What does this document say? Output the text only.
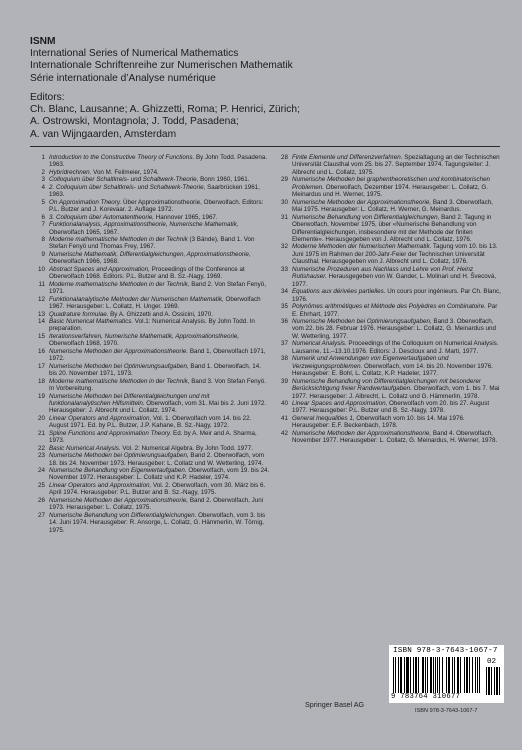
ISNM
International Series of Numerical Mathematics
Internationale Schriftenreihe zur Numerischen Mathematik
Série internationale d’Analyse numérique
Editors:
Ch. Blanc, Lausanne; A. Ghizzetti, Roma; P. Henrici, Zürich;
A. Ostrowski, Montagnola; J. Todd, Pasadena;
A. van Wijngaarden, Amsterdam
1 Introduction to the Constructive Theory of Functions. By John Todd. Pasadena. 1963.
2 Hybridrechnen. Von M. Feilmeier, 1974.
3 Colloquium über Schaltkreis- und Schaltwerk-Theorie, Bonn 1960, 1961.
4 2. Colloquium über Schaltkreis- und Schaltwerk-Theorie, Saarbrücken 1961, 1963.
5 On Approximation Theory. Über Approximationstheorie, Oberwolfach. Editors: P.L. Butzer and J. Korevaar. 2. Auflage 1972.
6 3. Colloquium über Automatentheorie, Hannover 1965, 1967.
7 Funktionalanalysis, Approximationstheorie, Numerische Mathematik, Oberwolfach 1965, 1967.
8 Moderne mathematische Methoden in der Technik (3 Bände), Band 1. Von Stefan Fenyö und Thomas Frey, 1967.
9 Numerische Mathematik, Differentialgleichungen, Approximationstheorie, Oberwolfach 1966, 1968.
10 Abstract Spaces and Approximation, Proceedings of the Conference at Oberwolfach 1968. Editors: P.L. Butzer and B. Sz.-Nagy, 1969.
11 Moderne mathematische Methoden in der Technik, Band 2. Von Stefan Fenyö, 1971.
12 Funktionalanalytische Methoden der Numerischen Mathematik, Oberwolfach 1967. Herausgeber: L. Collatz, H. Unger. 1969.
13 Quadrature formulae. By A. Ghizzetti and A. Ossicini, 1970.
14 Basic Numerical Mathematics. Vol.1: Numerical Analysis. By John Todd. In preparation.
15 Iterationsverfahren, Numerische Mathematik, Approximationstheorie, Oberwolfach 1968, 1970.
16 Numerische Methoden der Approximationstheorie. Band 1, Oberwolfach 1971, 1972.
17 Numerische Methoden bei Optimierungsaufgaben, Band 1. Oberwolfach, 14. bis 20. November 1971, 1973.
18 Moderne mathematische Methoden in der Technik, Band 3. Von Stefan Fenyö. In Vorbereitung.
19 Numerische Methoden bei Differentialgleichungen und mit funktionalanalytischen Hilfsmitteln. Oberwolfach, vom 31. Mai bis 2. Juni 1972. Herausgeber: J. Albrecht und L. Collatz, 1974.
20 Linear Operators and Approximation, Vol. 1. Oberwolfach vom 14. bis 22. August 1971. Ed. by P.L. Butzer, J.P. Kahane, B. Sz.-Nagy, 1972.
21 Spline Functions and Approximation Theory. Ed. by A. Meir and A. Sharma, 1973.
22 Basic Numerical Analysis. Vol. 2: Numerical Algebra. By John Todd. 1977.
23 Numerische Methoden bei Optimierungsaufgaben, Band 2. Oberwolfach, vom 18. bis 24. November 1973. Herausgeber: L. Collatz und W. Wetterling, 1974.
24 Numerische Behandlung von Eigenwertaufgaben. Oberwolfach, vom 19. bis 24. November 1972. Herausgeber: L. Collatz und K.P. Hadeler, 1974.
25 Linear Operators and Approximation, Vol. 2. Oberwolfach, vom 30. März bis 6. April 1974. Herausgeber: P.L. Butzer and B. Sz.-Nagy, 1975.
26 Numerische Methoden der Approximationstheorie, Band 2. Oberwolfach, Juni 1973. Herausgeber: L. Collatz, 1975.
27 Numerische Behandlung von Differentialgleichungen. Oberwolfach, vom 3. bis 14. Juni 1974. Herausgeber: R. Ansorge, L. Collatz, G. Hämmerlin, W. Törnig, 1975.
28 Finite Elemente und Differenzverfahren. Spezialtagung an der Technischen Universität Clausthal vom 25. bis 27. September 1974. Tagungsleiter: J. Albrecht und L. Collatz, 1975.
29 Numerische Methoden bei graphentheoretischen und kombinatorischen Problemen. Oberwolfach, Dezember 1974. Herausgeber: L. Collatz, G. Meinardus und H. Werner, 1975.
30 Numerische Methoden der Approximationstheorie, Band 3. Oberwolfach, Mai 1975. Herausgeber: L. Collatz, H. Werner, G. Meinardus.
31 Numerische Behandlung von Differentialgleichungen, Band 2. Tagung in Oberwolfach, November 1975, über «Numerische Behandlung von Differentialgleichungen, insbesondere mit der Methode der finiten Elemente». Herausgegeben von J. Albrecht und L. Collatz, 1976.
32 Moderne Methoden der Numerischen Mathematik. Tagung vom 10. bis 13. Juni 1975 im Rahmen der 200-Jahr-Feier der Technischen Universität Clausthal. Herausgegeben von J. Albrecht und L. Collatz, 1976.
33 Numerische Prozeduren aus Nachlass und Lehre von Prof. Heinz Rutishauser. Herausgegeben von W. Gander, L. Molinari und H. Švecová, 1977.
34 Equations aux dérivées partielles. Un cours pour ingénieurs. Par Ch. Blanc, 1976.
35 Polynômes arithmétiques et Méthode des Polyèdres en Combinatoire. Par E. Ehrhart, 1977.
36 Numerische Methoden bei Optimierungsaufgaben, Band 3. Oberwolfach, vom 22. bis 28. Februar 1976. Herausgeber: L. Collatz, G. Meinardus und W. Wetterling, 1977.
37 Numerical Analysis. Proceedings of the Colloquium on Numerical Analysis. Lausanne, 11.–13.10.1976. Editors: J. Descloux and J. Marti, 1977.
38 Numerik und Anwendungen von Eigenwertaufgaben und Verzweigungsproblemen. Oberwolfach, vom 14. bis 20. November 1976. Herausgeber: E. Bohl, L. Collatz, K.P. Hadeler, 1977.
39 Numerische Behandlung von Differentialgleichungen mit besonderer Berücksichtigung freier Randwertaufgaben. Oberwolfach, vom 1. bis 7. Mai 1977. Herausgeber: J. Albrecht, L. Collatz und G. Hämmerlin, 1978.
40 Linear Spaces and Approximation, Oberwolfach vom 20. bis 27. August 1977. Herausgeber: P.L. Butzer und B. Sz.-Nagy, 1978.
41 General Inequalities 1, Oberwolfach vom 10. bis 14. Mai 1976. Herausgeber: E.F. Beckenbach, 1978.
42 Numerische Methoden der Approximationstheorie, Band 4. Oberwolfach, November 1977. Herausgeber: L. Collatz, G. Meinardus, H. Werner, 1978.
ISBN 978-3-7643-1067-7
02
9 783764 310677
Springer Basel AG
ISBN 978-3-7643-1067-7
